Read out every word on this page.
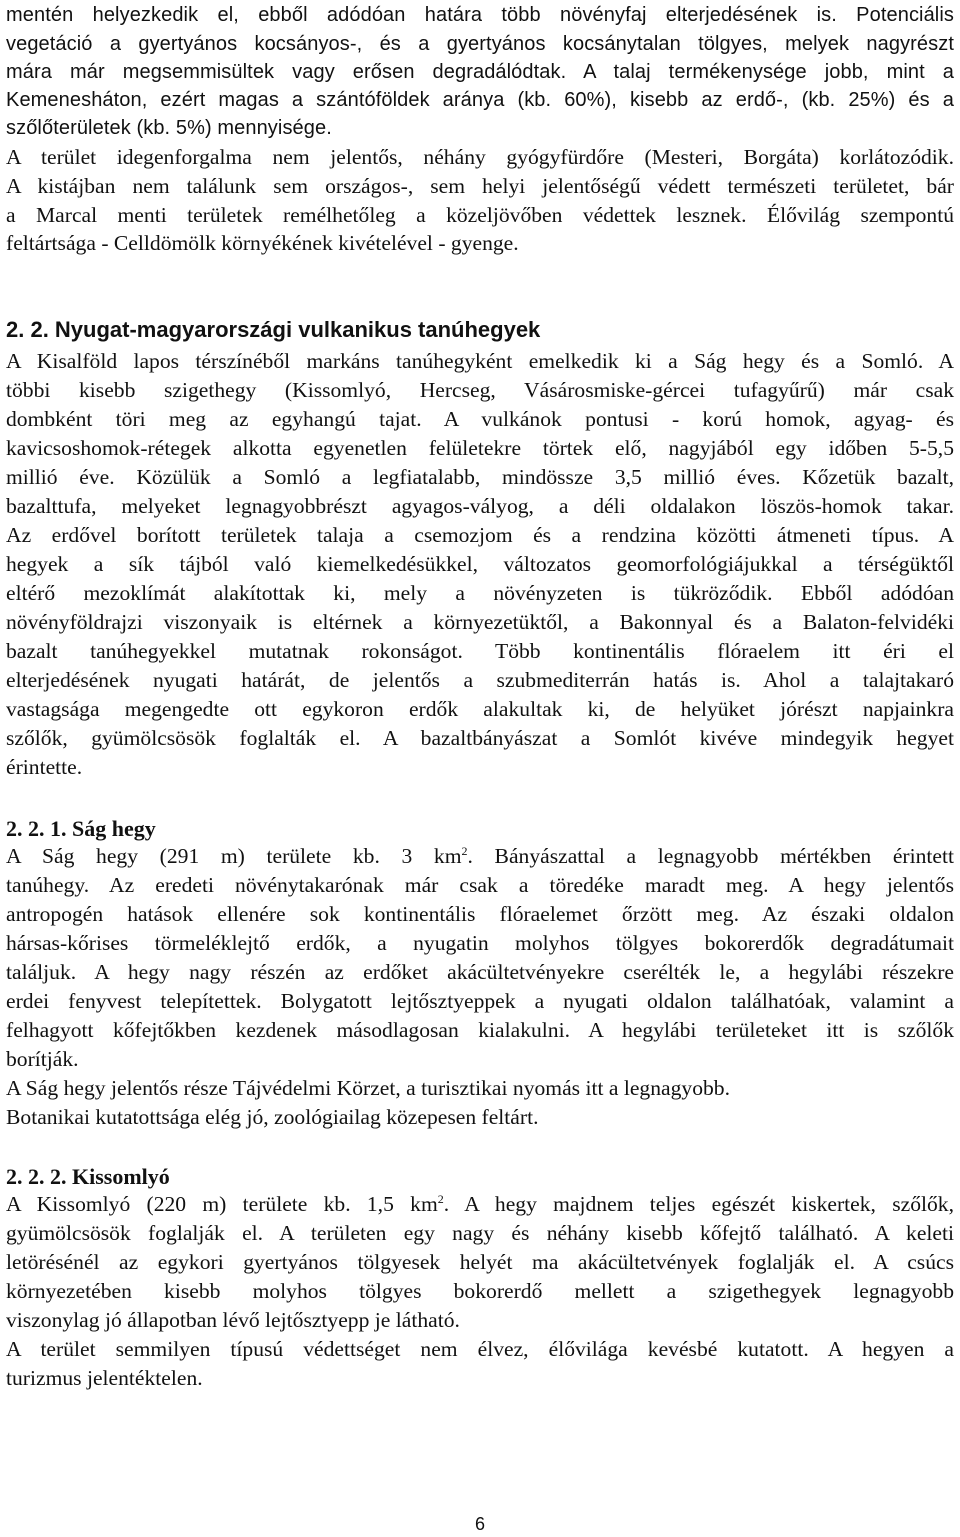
mentén helyezkedik el, ebből adódóan határa több növényfaj elterjedésének is. Potenciális
vegetáció a gyertyános kocsányos-, és a gyertyános kocsánytalan tölgyes, melyek nagyrészt
mára már megsemmisültek vagy erősen degradálódtak. A talaj termékenysége jobb, mint a
Kemenesháton, ezért magas a szántóföldek aránya (kb. 60%), kisebb az erdő-, (kb. 25%) és a
szőlőterületek (kb. 5%) mennyisége.
A terület idegenforgalma nem jelentős, néhány gyógyfürdőre (Mesteri, Borgáta) korlátozódik.
A kistájban nem találunk sem országos-, sem helyi jelentőségű védett természeti területet, bár
a Marcal menti területek remélhetőleg a közeljövőben védettek lesznek. Élővilág szempontú
feltártsága - Celldömölk környékének kivételével - gyenge.
2. 2. Nyugat-magyarországi vulkanikus tanúhegyek
A Kisalföld lapos térszínéből markáns tanúhegyként emelkedik ki a Ság hegy és a Somló. A
többi kisebb szigethegy (Kissomlyó, Hercseg, Vásárosmiske-gércei tufagyűrű) már csak
dombként töri meg az egyhangú tajat. A vulkánok pontusi - korú homok, agyag- és
kavicsoshomok-rétegek alkotta egyenetlen felületekre törtek elő, nagyjából egy időben 5-5,5
millió éve. Közülük a Somló a legfiatalabb, mindössze 3,5 millió éves. Kőzetük bazalt,
bazalttufa, melyeket legnagyobbrészt agyagos-vályog, a déli oldalakon löszös-homok takar.
Az erdővel borított területek talaja a csemozjom és a rendzina közötti átmeneti típus. A
hegyek a sík tájból való kiemelkedésükkel, változatos geomorfológiájukkal a térségüktől
eltérő mezoklímát alakítottak ki, mely a növényzeten is tükröződik. Ebből adódóan
növényföldrajzi viszonyaik is eltérnek a környezetüktől, a Bakonnyal és a Balaton-felvidéki
bazalt tanúhegyekkel mutatnak rokonságot. Több kontinentális flóraelem itt éri el
elterjedésének nyugati határát, de jelentős a szubmediterrán hatás is. Ahol a talajtakaró
vastagsága megengedte ott egykoron erdők alakultak ki, de helyüket jórészt napjainkra
szőlők, gyümölcsösök foglalták el. A bazaltbányászat a Somlót kivéve mindegyik hegyet
érintette.
2. 2. 1. Ság hegy
A Ság hegy (291 m) területe kb. 3 $km^2$. Bányászattal a legnagyobb mértékben érintett
tanúhegy. Az eredeti növénytakarónak már csak a töredéke maradt meg. A hegy jelentős
antropogén hatások ellenére sok kontinentális flóraelemet őrzött meg. Az északi oldalon
hársas-kőrises törmeléklejtő erdők, a nyugatin molyhos tölgyes bokorerdők degradátumait
találjuk. A hegy nagy részén az erdőket akácültetvényekre cserélték le, a hegylábi részekre
erdei fenyvest telepítettek. Bolygatott lejtősztyeppek a nyugati oldalon találhatóak, valamint a
felhagyott kőfejtőkben kezdenek másodlagosan kialakulni. A hegylábi területeket itt is szőlők
borítják.
A Ság hegy jelentős része Tájvédelmi Körzet, a turisztikai nyomás itt a legnagyobb.
Botanikai kutatottsága elég jó, zoológiailag közepesen feltárt.
2. 2. 2. Kissomlyó
A Kissomlyó (220 m) területe kb. 1,5 $km^2$. A hegy majdnem teljes egészét kiskertek, szőlők,
gyümölcsösök foglalják el. A területen egy nagy és néhány kisebb kőfejtő található. A keleti
letörésénél az egykori gyertyános tölgyesek helyét ma akácültetvények foglalják el. A csúcs
környezetében kisebb molyhos tölgyes bokorerdő mellett a szigethegyek legnagyobb
viszonylag jó állapotban lévő lejtősztyepp je látható.
A terület semmilyen típusú védettséget nem élvez, élővilága kevésbé kutatott. A hegyen a
turizmus jelentéktelen.
6
